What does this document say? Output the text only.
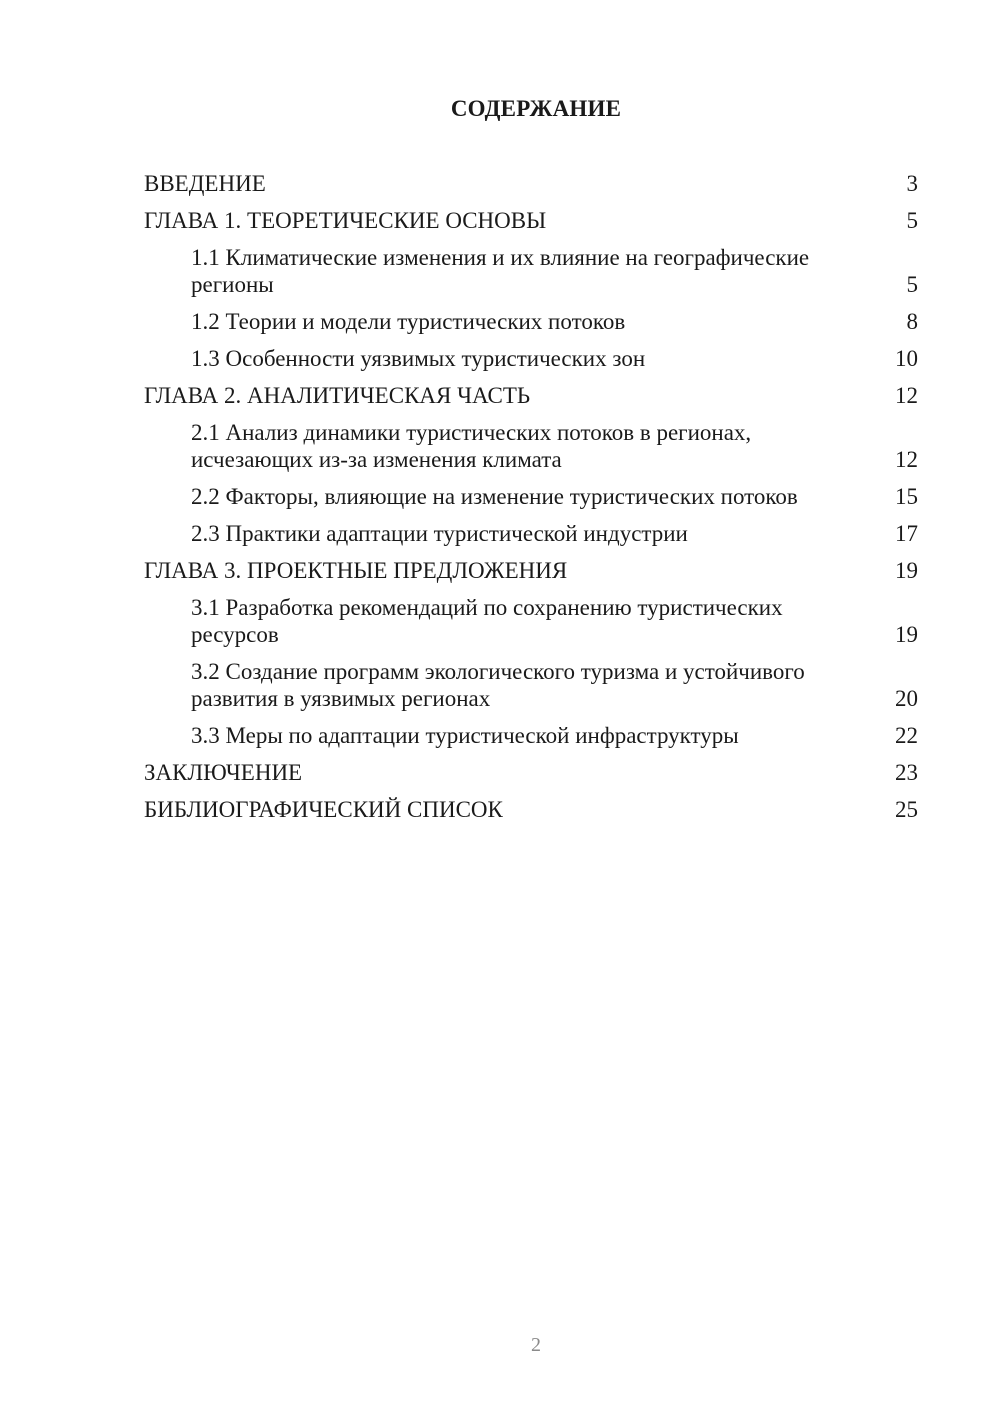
СОДЕРЖАНИЕ
ВВЕДЕНИЕ	3
ГЛАВА 1. ТЕОРЕТИЧЕСКИЕ ОСНОВЫ	5
1.1 Климатические изменения и их влияние на географические регионы	5
1.2 Теории и модели туристических потоков	8
1.3 Особенности уязвимых туристических зон	10
ГЛАВА 2. АНАЛИТИЧЕСКАЯ ЧАСТЬ	12
2.1 Анализ динамики туристических потоков в регионах, исчезающих из-за изменения климата	12
2.2 Факторы, влияющие на изменение туристических потоков	15
2.3 Практики адаптации туристической индустрии	17
ГЛАВА 3. ПРОЕКТНЫЕ ПРЕДЛОЖЕНИЯ	19
3.1 Разработка рекомендаций по сохранению туристических ресурсов	19
3.2 Создание программ экологического туризма и устойчивого развития в уязвимых регионах	20
3.3 Меры по адаптации туристической инфраструктуры	22
ЗАКЛЮЧЕНИЕ	23
БИБЛИОГРАФИЧЕСКИЙ СПИСОК	25
2
